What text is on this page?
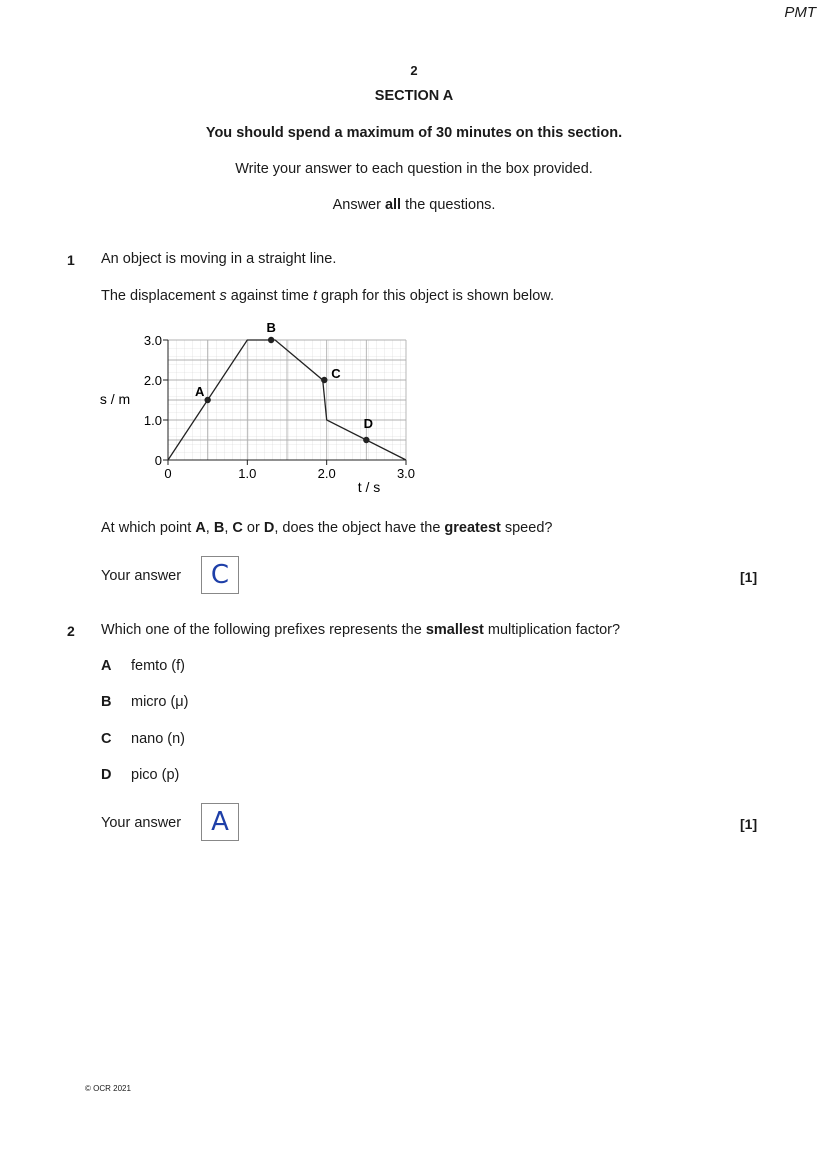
PMT
2
SECTION A
You should spend a maximum of 30 minutes on this section.
Write your answer to each question in the box provided.
Answer all the questions.
1 An object is moving in a straight line.
The displacement s against time t graph for this object is shown below.
0
1.0
2.0
3.0
0	1.0	2.0	3.0
A
B
C
D
s / m
t / s
At which point A, B, C or D, does the object have the greatest speed?
Your answer	C	[1]
2 Which one of the following prefixes represents the smallest multiplication factor?
A femto (f)
B micro (μ)
C nano (n)
D pico (p)
Your answer	A	[1]
© OCR 2021
